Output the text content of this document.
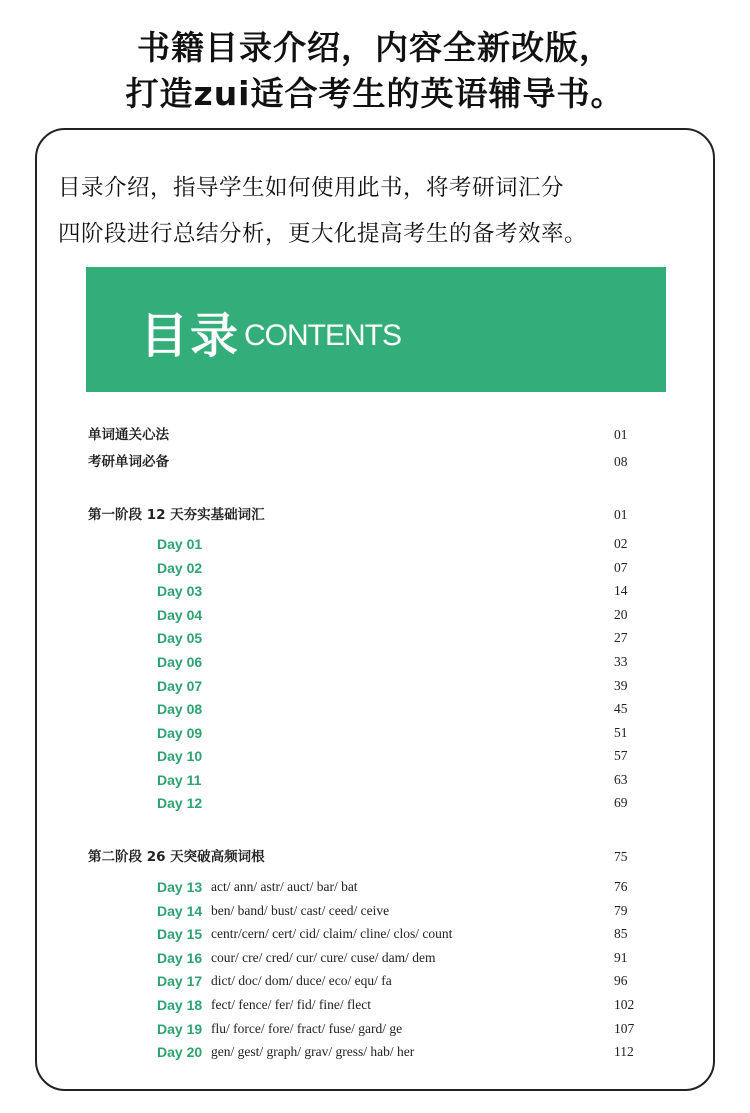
书籍目录介绍，内容全新改版，
打造zui适合考生的英语辅导书。
目录介绍，指导学生如何使用此书，将考研词汇分
四阶段进行总结分析，更大化提高考生的备考效率。
目录 CONTENTS
单词通关心法	01
考研单词必备	08
第一阶段 12 天夯实基础词汇	01
Day 01	02
Day 02	07
Day 03	14
Day 04	20
Day 05	27
Day 06	33
Day 07	39
Day 08	45
Day 09	51
Day 10	57
Day 11	63
Day 12	69
第二阶段 26 天突破高频词根	75
Day 13 act/ ann/ astr/ auct/ bar/ bat	76
Day 14 ben/ band/ bust/ cast/ ceed/ ceive	79
Day 15 centr/cern/ cert/ cid/ claim/ cline/ clos/ count	85
Day 16 cour/ cre/ cred/ cur/ cure/ cuse/ dam/ dem	91
Day 17 dict/ doc/ dom/ duce/ eco/ equ/ fa	96
Day 18 fect/ fence/ fer/ fid/ fine/ flect	102
Day 19 flu/ force/ fore/ fract/ fuse/ gard/ ge	107
Day 20 gen/ gest/ graph/ grav/ gress/ hab/ her	112
